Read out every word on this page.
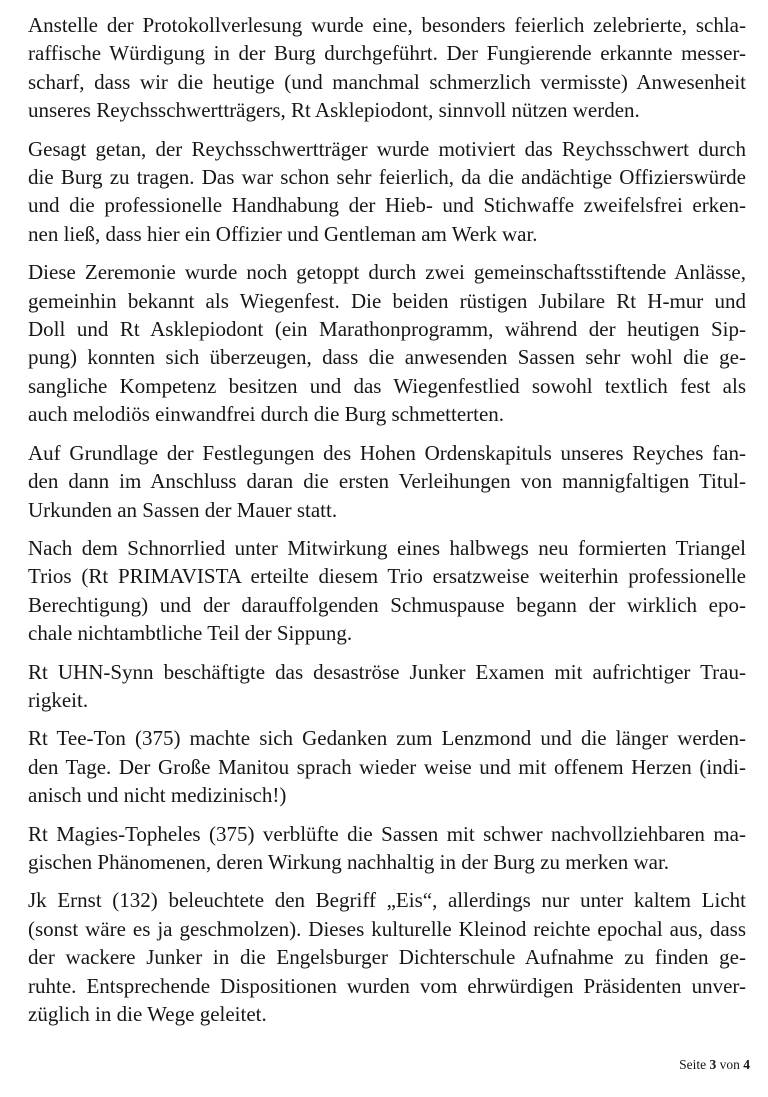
Anstelle der Protokollverlesung wurde eine, besonders feierlich zelebrierte, schla-
raffische Würdigung in der Burg durchgeführt. Der Fungierende erkannte messer-
scharf, dass wir die heutige (und manchmal schmerzlich vermisste) Anwesenheit
unseres Reychsschwertträgers, Rt Asklepiodont, sinnvoll nützen werden.
Gesagt getan, der Reychsschwertträger wurde motiviert das Reychsschwert durch
die Burg zu tragen. Das war schon sehr feierlich, da die andächtige Offizierswürde
und die professionelle Handhabung der Hieb- und Stichwaffe zweifelsfrei erken-
nen ließ, dass hier ein Offizier und Gentleman am Werk war.
Diese Zeremonie wurde noch getoppt durch zwei gemeinschaftsstiftende Anlässe,
gemeinhin bekannt als Wiegenfest. Die beiden rüstigen Jubilare Rt H-mur und
Doll und Rt Asklepiodont (ein Marathonprogramm, während der heutigen Sip-
pung) konnten sich überzeugen, dass die anwesenden Sassen sehr wohl die ge-
sangliche Kompetenz besitzen und das Wiegenfestlied sowohl textlich fest als
auch melodiös einwandfrei durch die Burg schmetterten.
Auf Grundlage der Festlegungen des Hohen Ordenskapituls unseres Reyches fan-
den dann im Anschluss daran die ersten Verleihungen von mannigfaltigen Titul-
Urkunden an Sassen der Mauer statt.
Nach dem Schnorrlied unter Mitwirkung eines halbwegs neu formierten Triangel
Trios (Rt PRIMAVISTA erteilte diesem Trio ersatzweise weiterhin professionelle
Berechtigung) und der darauffolgenden Schmuspause begann der wirklich epo-
chale nichtambtliche Teil der Sippung.
Rt UHN-Synn beschäftigte das desaströse Junker Examen mit aufrichtiger Trau-
rigkeit.
Rt Tee-Ton (375) machte sich Gedanken zum Lenzmond und die länger werden-
den Tage. Der Große Manitou sprach wieder weise und mit offenem Herzen (indi-
anisch und nicht medizinisch!)
Rt Magies-Topheles (375) verblüfte die Sassen mit schwer nachvollziehbaren ma-
gischen Phänomenen, deren Wirkung nachhaltig in der Burg zu merken war.
Jk Ernst (132) beleuchtete den Begriff „Eis“, allerdings nur unter kaltem Licht
(sonst wäre es ja geschmolzen). Dieses kulturelle Kleinod reichte epochal aus, dass
der wackere Junker in die Engelsburger Dichterschule Aufnahme zu finden ge-
ruhte. Entsprechende Dispositionen wurden vom ehrwürdigen Präsidenten unver-
züglich in die Wege geleitet.
Seite 3 von 4
